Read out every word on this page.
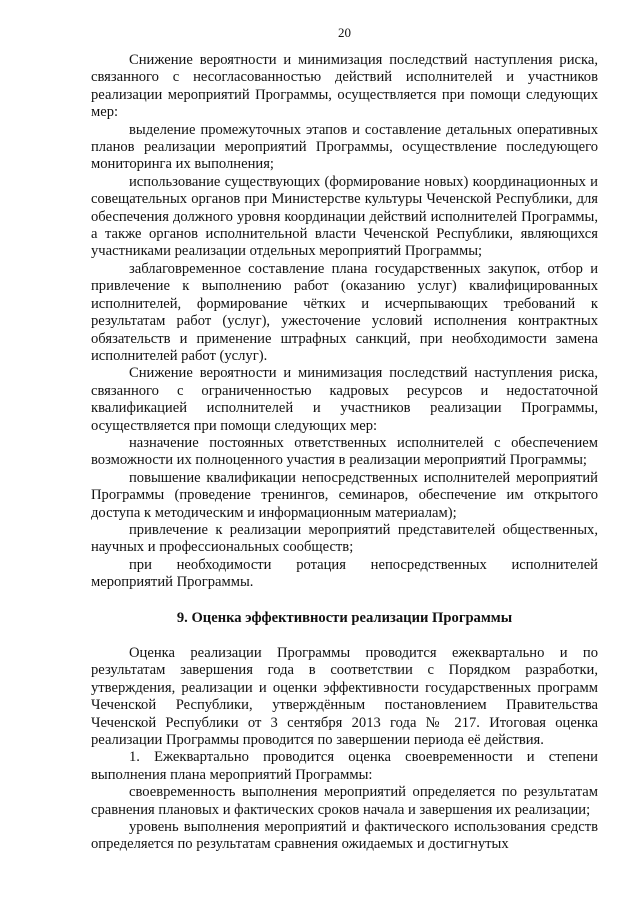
20

Снижение вероятности и минимизация последствий наступления риска, связанного с несогласованностью действий исполнителей и участников реализации мероприятий Программы, осуществляется при помощи следующих мер:

выделение промежуточных этапов и составление детальных оперативных планов реализации мероприятий Программы, осуществление последующего мониторинга их выполнения;

использование существующих (формирование новых) координационных и совещательных органов при Министерстве культуры Чеченской Республики, для обеспечения должного уровня координации действий исполнителей Программы, а также органов исполнительной власти Чеченской Республики, являющихся участниками реализации отдельных мероприятий Программы;

заблаговременное составление плана государственных закупок, отбор и привлечение к выполнению работ (оказанию услуг) квалифицированных исполнителей, формирование чётких и исчерпывающих требований к результатам работ (услуг), ужесточение условий исполнения контрактных обязательств и применение штрафных санкций, при необходимости замена исполнителей работ (услуг).

Снижение вероятности и минимизация последствий наступления риска, связанного с ограниченностью кадровых ресурсов и недостаточной квалификацией исполнителей и участников реализации Программы, осуществляется при помощи следующих мер:

назначение постоянных ответственных исполнителей с обеспечением возможности их полноценного участия в реализации мероприятий Программы;

повышение квалификации непосредственных исполнителей мероприятий Программы (проведение тренингов, семинаров, обеспечение им открытого доступа к методическим и информационным материалам);

привлечение к реализации мероприятий представителей общественных, научных и профессиональных сообществ;

при необходимости ротация непосредственных исполнителей мероприятий Программы.

9. Оценка эффективности реализации Программы

Оценка реализации Программы проводится ежеквартально и по результатам завершения года в соответствии с Порядком разработки, утверждения, реализации и оценки эффективности государственных программ Чеченской Республики, утверждённым постановлением Правительства Чеченской Республики от 3 сентября 2013 года № 217. Итоговая оценка реализации Программы проводится по завершении периода её действия.

1. Ежеквартально проводится оценка своевременности и степени выполнения плана мероприятий Программы:

своевременность выполнения мероприятий определяется по результатам сравнения плановых и фактических сроков начала и завершения их реализации;

уровень выполнения мероприятий и фактического использования средств определяется по результатам сравнения ожидаемых и достигнутых
